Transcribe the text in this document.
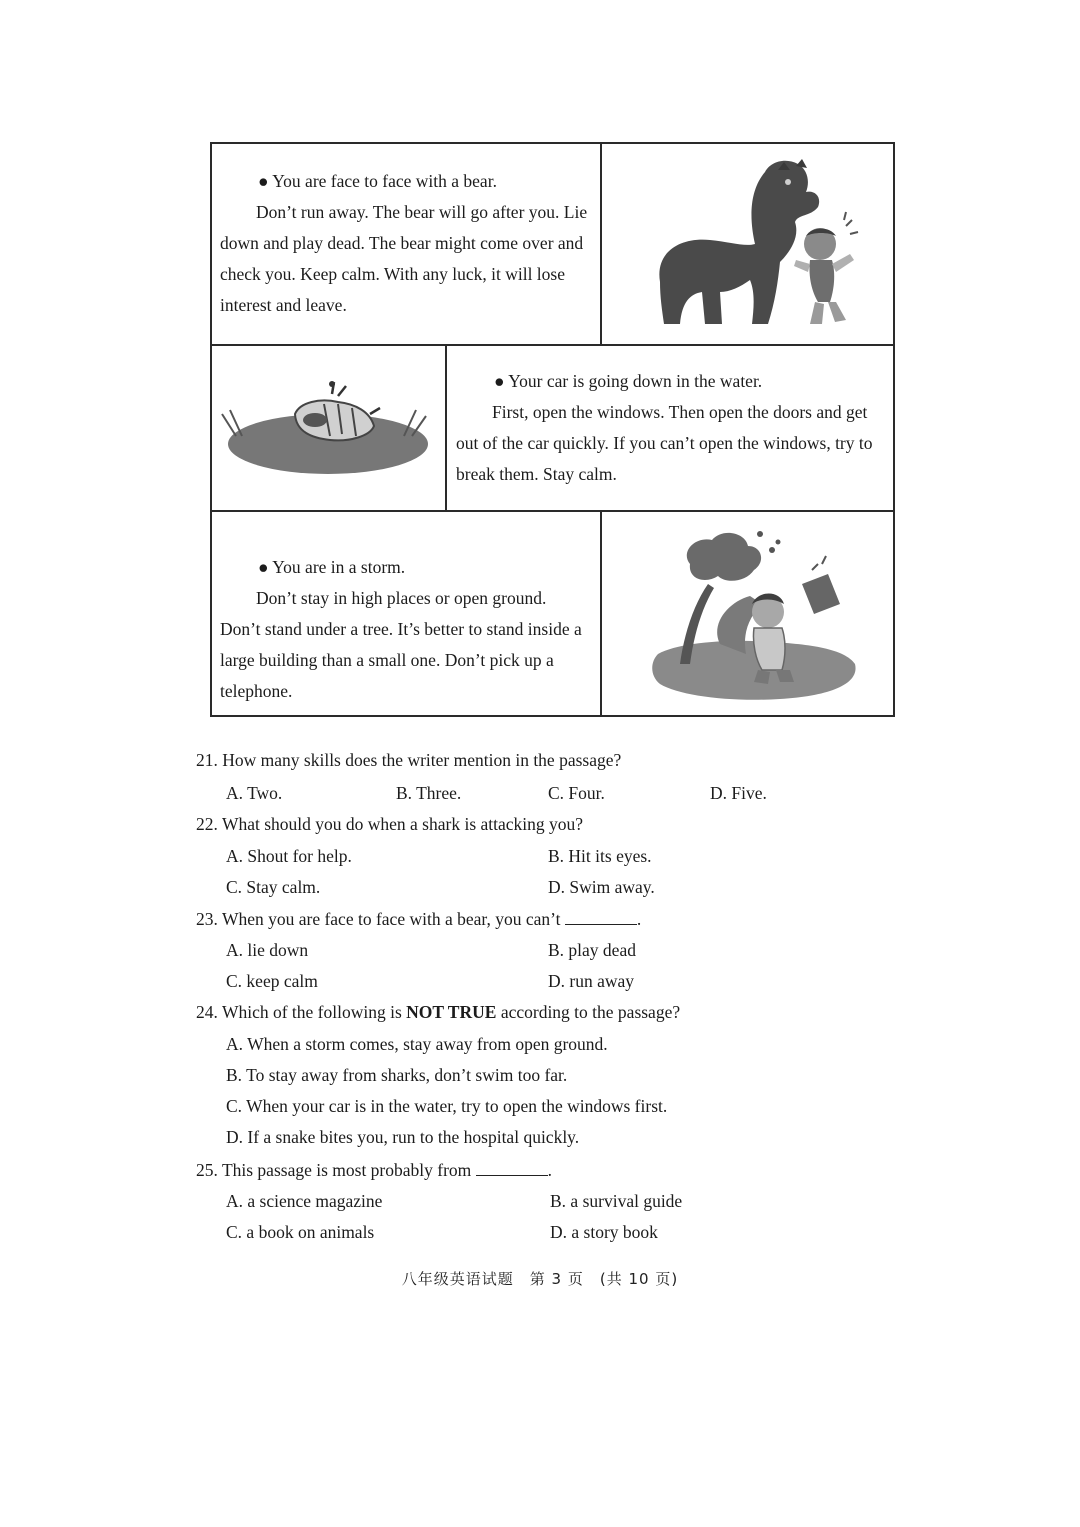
● You are face to face with a bear.

Don’t run away. The bear will go after you. Lie down and play dead. The bear might come over and check you. Keep calm. With any luck, it will lose interest and leave.

● Your car is going down in the water.

First, open the windows. Then open the doors and get out of the car quickly. If you can’t open the windows, try to break them. Stay calm.

● You are in a storm.

Don’t stay in high places or open ground. Don’t stand under a tree. It’s better to stand inside a large building than a small one. Don’t pick up a telephone.

21. How many skills does the writer mention in the passage?
A. Two.	B. Three.	C. Four.	D. Five.
22. What should you do when a shark is attacking you?
A. Shout for help.	B. Hit its eyes.
C. Stay calm.	D. Swim away.
23. When you are face to face with a bear, you can’t	.
A. lie down	B. play dead
C. keep calm	D. run away
24. Which of the following is NOT TRUE according to the passage?
A. When a storm comes, stay away from open ground.
B. To stay away from sharks, don’t swim too far.
C. When your car is in the water, try to open the windows first.
D. If a snake bites you, run to the hospital quickly.
25. This passage is most probably from	.
A. a science magazine	B. a survival guide
C. a book on animals	D. a story book
八年级英语试题　第 3 页　(共 10 页)
